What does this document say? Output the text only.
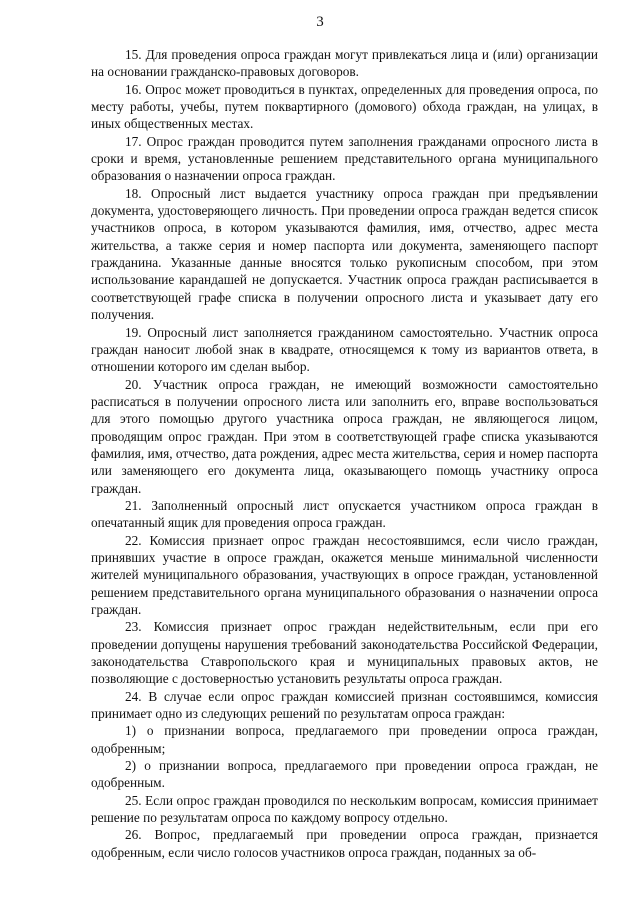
3

15. Для проведения опроса граждан могут привлекаться лица и (или) организации на основании гражданско-правовых договоров.

16. Опрос может проводиться в пунктах, определенных для проведения опроса, по месту работы, учебы, путем поквартирного (домового) обхода граждан, на улицах, в иных общественных местах.

17. Опрос граждан проводится путем заполнения гражданами опросного листа в сроки и время, установленные решением представительного органа муниципального образования о назначении опроса граждан.

18. Опросный лист выдается участнику опроса граждан при предъявлении документа, удостоверяющего личность. При проведении опроса граждан ведется список участников опроса, в котором указываются фамилия, имя, отчество, адрес места жительства, а также серия и номер паспорта или документа, заменяющего паспорт гражданина. Указанные данные вносятся только рукописным способом, при этом использование карандашей не допускается. Участник опроса граждан расписывается в соответствующей графе списка в получении опросного листа и указывает дату его получения.

19. Опросный лист заполняется гражданином самостоятельно. Участник опроса граждан наносит любой знак в квадрате, относящемся к тому из вариантов ответа, в отношении которого им сделан выбор.

20. Участник опроса граждан, не имеющий возможности самостоятельно расписаться в получении опросного листа или заполнить его, вправе воспользоваться для этого помощью другого участника опроса граждан, не являющегося лицом, проводящим опрос граждан. При этом в соответствующей графе списка указываются фамилия, имя, отчество, дата рождения, адрес места жительства, серия и номер паспорта или заменяющего его документа лица, оказывающего помощь участнику опроса граждан.

21. Заполненный опросный лист опускается участником опроса граждан в опечатанный ящик для проведения опроса граждан.

22. Комиссия признает опрос граждан несостоявшимся, если число граждан, принявших участие в опросе граждан, окажется меньше минимальной численности жителей муниципального образования, участвующих в опросе граждан, установленной решением представительного органа муниципального образования о назначении опроса граждан.

23. Комиссия признает опрос граждан недействительным, если при его проведении допущены нарушения требований законодательства Российской Федерации, законодательства Ставропольского края и муниципальных правовых актов, не позволяющие с достоверностью установить результаты опроса граждан.

24. В случае если опрос граждан комиссией признан состоявшимся, комиссия принимает одно из следующих решений по результатам опроса граждан:

1) о признании вопроса, предлагаемого при проведении опроса граждан, одобренным;

2) о признании вопроса, предлагаемого при проведении опроса граждан, не одобренным.

25. Если опрос граждан проводился по нескольким вопросам, комиссия принимает решение по результатам опроса по каждому вопросу отдельно.

26. Вопрос, предлагаемый при проведении опроса граждан, признается одобренным, если число голосов участников опроса граждан, поданных за об-
